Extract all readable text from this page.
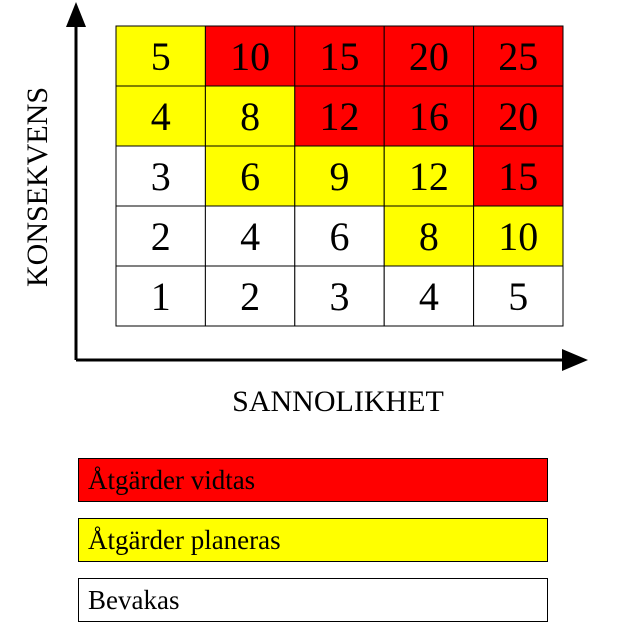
5 10 15 20 25
4 8 12 16 20
3 6 9 12 15
2 4 6 8 10
1 2 3 4 5
SANNOLIKHET
KONSEKVENS
Åtgärder vidtas
Åtgärder planeras
Bevakas
